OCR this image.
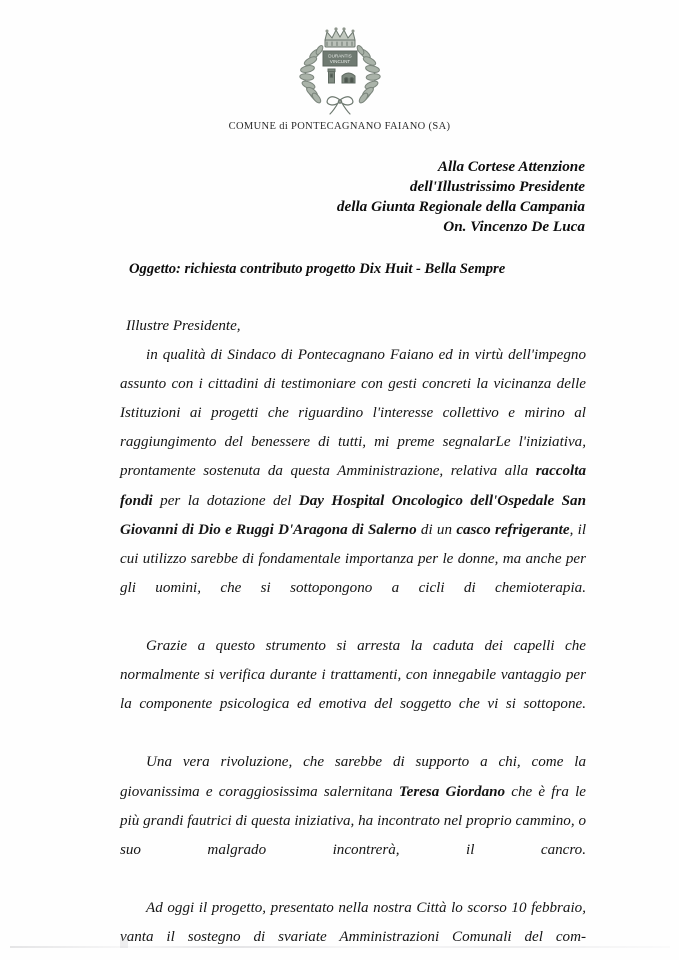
DURANTIS
VINCUNT
COMUNE di PONTECAGNANO FAIANO (SA)
Alla Cortese Attenzione
dell'Illustrissimo Presidente
della Giunta Regionale della Campania
On. Vincenzo De Luca
Oggetto: richiesta contributo progetto Dix Huit - Bella Sempre

Illustre Presidente,

in qualità di Sindaco di Pontecagnano Faiano ed in virtù dell'impegno assunto con i cittadini di testimoniare con gesti concreti la vicinanza delle Istituzioni ai progetti che riguardino l'interesse collettivo e mirino al raggiungimento del benessere di tutti, mi preme segnalarLe l'iniziativa, prontamente sostenuta da questa Amministrazione, relativa alla raccolta fondi per la dotazione del Day Hospital Oncologico dell'Ospedale San Giovanni di Dio e Ruggi D'Aragona di Salerno di un casco refrigerante, il cui utilizzo sarebbe di fondamentale importanza per le donne, ma anche per gli uomini, che si sottopongono a cicli di chemioterapia.

Grazie a questo strumento si arresta la caduta dei capelli che normalmente si verifica durante i trattamenti, con innegabile vantaggio per la componente psicologica ed emotiva del soggetto che vi si sottopone.

Una vera rivoluzione, che sarebbe di supporto a chi, come la giovanissima e coraggiosissima salernitana Teresa Giordano che è fra le più grandi fautrici di questa iniziativa, ha incontrato nel proprio cammino, o suo malgrado incontrerà, il cancro.

Ad oggi il progetto, presentato nella nostra Città lo scorso 10 febbraio, vanta il sostegno di svariate Amministrazioni Comunali del com-
